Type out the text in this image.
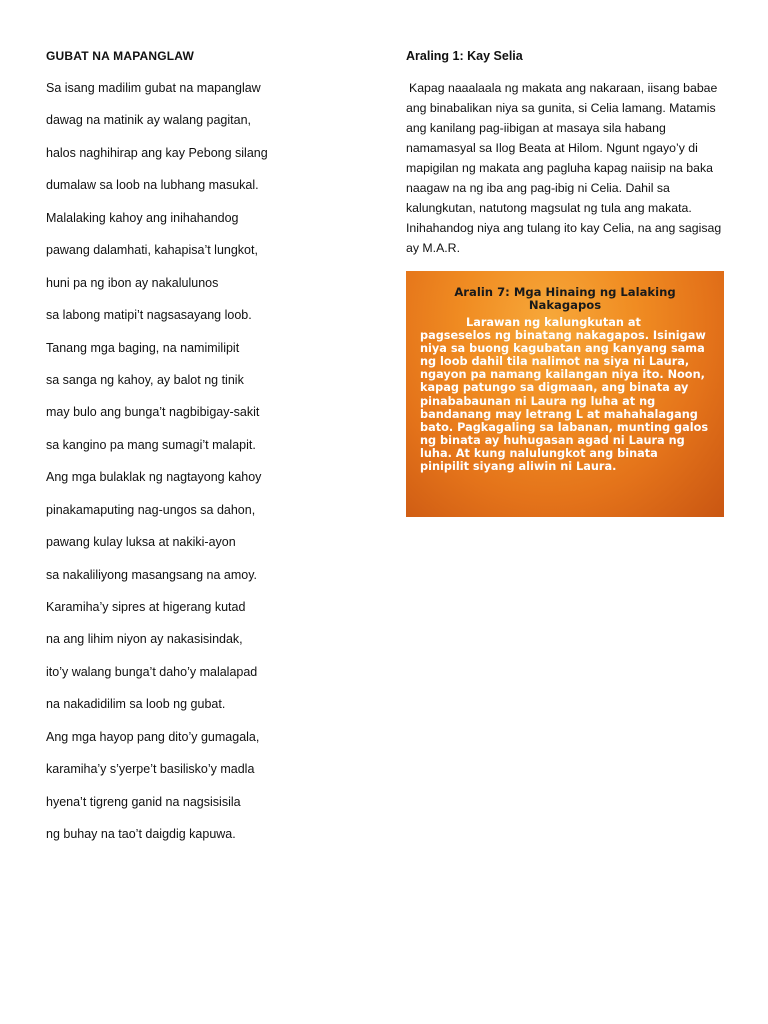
GUBAT NA MAPANGLAW

Sa isang madilim gubat na mapanglaw

dawag na matinik ay walang pagitan,

halos naghihirap ang kay Pebong silang

dumalaw sa loob na lubhang masukal.

Malalaking kahoy ang inihahandog

pawang dalamhati, kahapisa’t lungkot,

huni pa ng ibon ay nakalulunos

sa labong matipi’t nagsasayang loob.

Tanang mga baging, na namimilipit

sa sanga ng kahoy, ay balot ng tinik

may bulo ang bunga’t nagbibigay-sakit

sa kangino pa mang sumagi’t malapit.

Ang mga bulaklak ng nagtayong kahoy

pinakamaputing nag-ungos sa dahon,

pawang kulay luksa at nakiki-ayon

sa nakaliliyong masangsang na amoy.

Karamiha’y sipres at higerang kutad

na ang lihim niyon ay nakasisindak,

ito’y walang bunga’t daho’y malalapad

na nakadidilim sa loob ng gubat.

Ang mga hayop pang dito’y gumagala,

karamiha’y s’yerpe’t basilisko’y madla

hyena’t tigreng ganid na nagsisisila

ng buhay na tao’t daigdig kapuwa.

Araling 1: Kay Selia

Kapag naaalaala ng makata ang nakaraan, iisang babae ang binabalikan niya sa gunita, si Celia lamang. Matamis ang kanilang pag-iibigan at masaya sila habang namamasyal sa Ilog Beata at Hilom. Ngunt ngayo’y di mapigilan ng makata ang pagluha kapag naiisip na baka naagaw na ng iba ang pag-ibig ni Celia. Dahil sa kalungkutan, natutong magsulat ng tula ang makata. Inihahandog niya ang tulang ito kay Celia, na ang sagisag ay M.A.R.

Aralin 7: Mga Hinaing ng Lalaking Nakagapos

Larawan ng kalungkutan at pagseselos ng binatang nakagapos. Isinigaw niya sa buong kagubatan ang kanyang sama ng loob dahil tila nalimot na siya ni Laura, ngayon pa namang kailangan niya ito. Noon, kapag patungo sa digmaan, ang binata ay pinababaunan ni Laura ng luha at ng bandanang may letrang L at mahahalagang bato. Pagkagaling sa labanan, munting galos ng binata ay huhugasan agad ni Laura ng luha. At kung nalulungkot ang binata pinipilit siyang aliwin ni Laura.
